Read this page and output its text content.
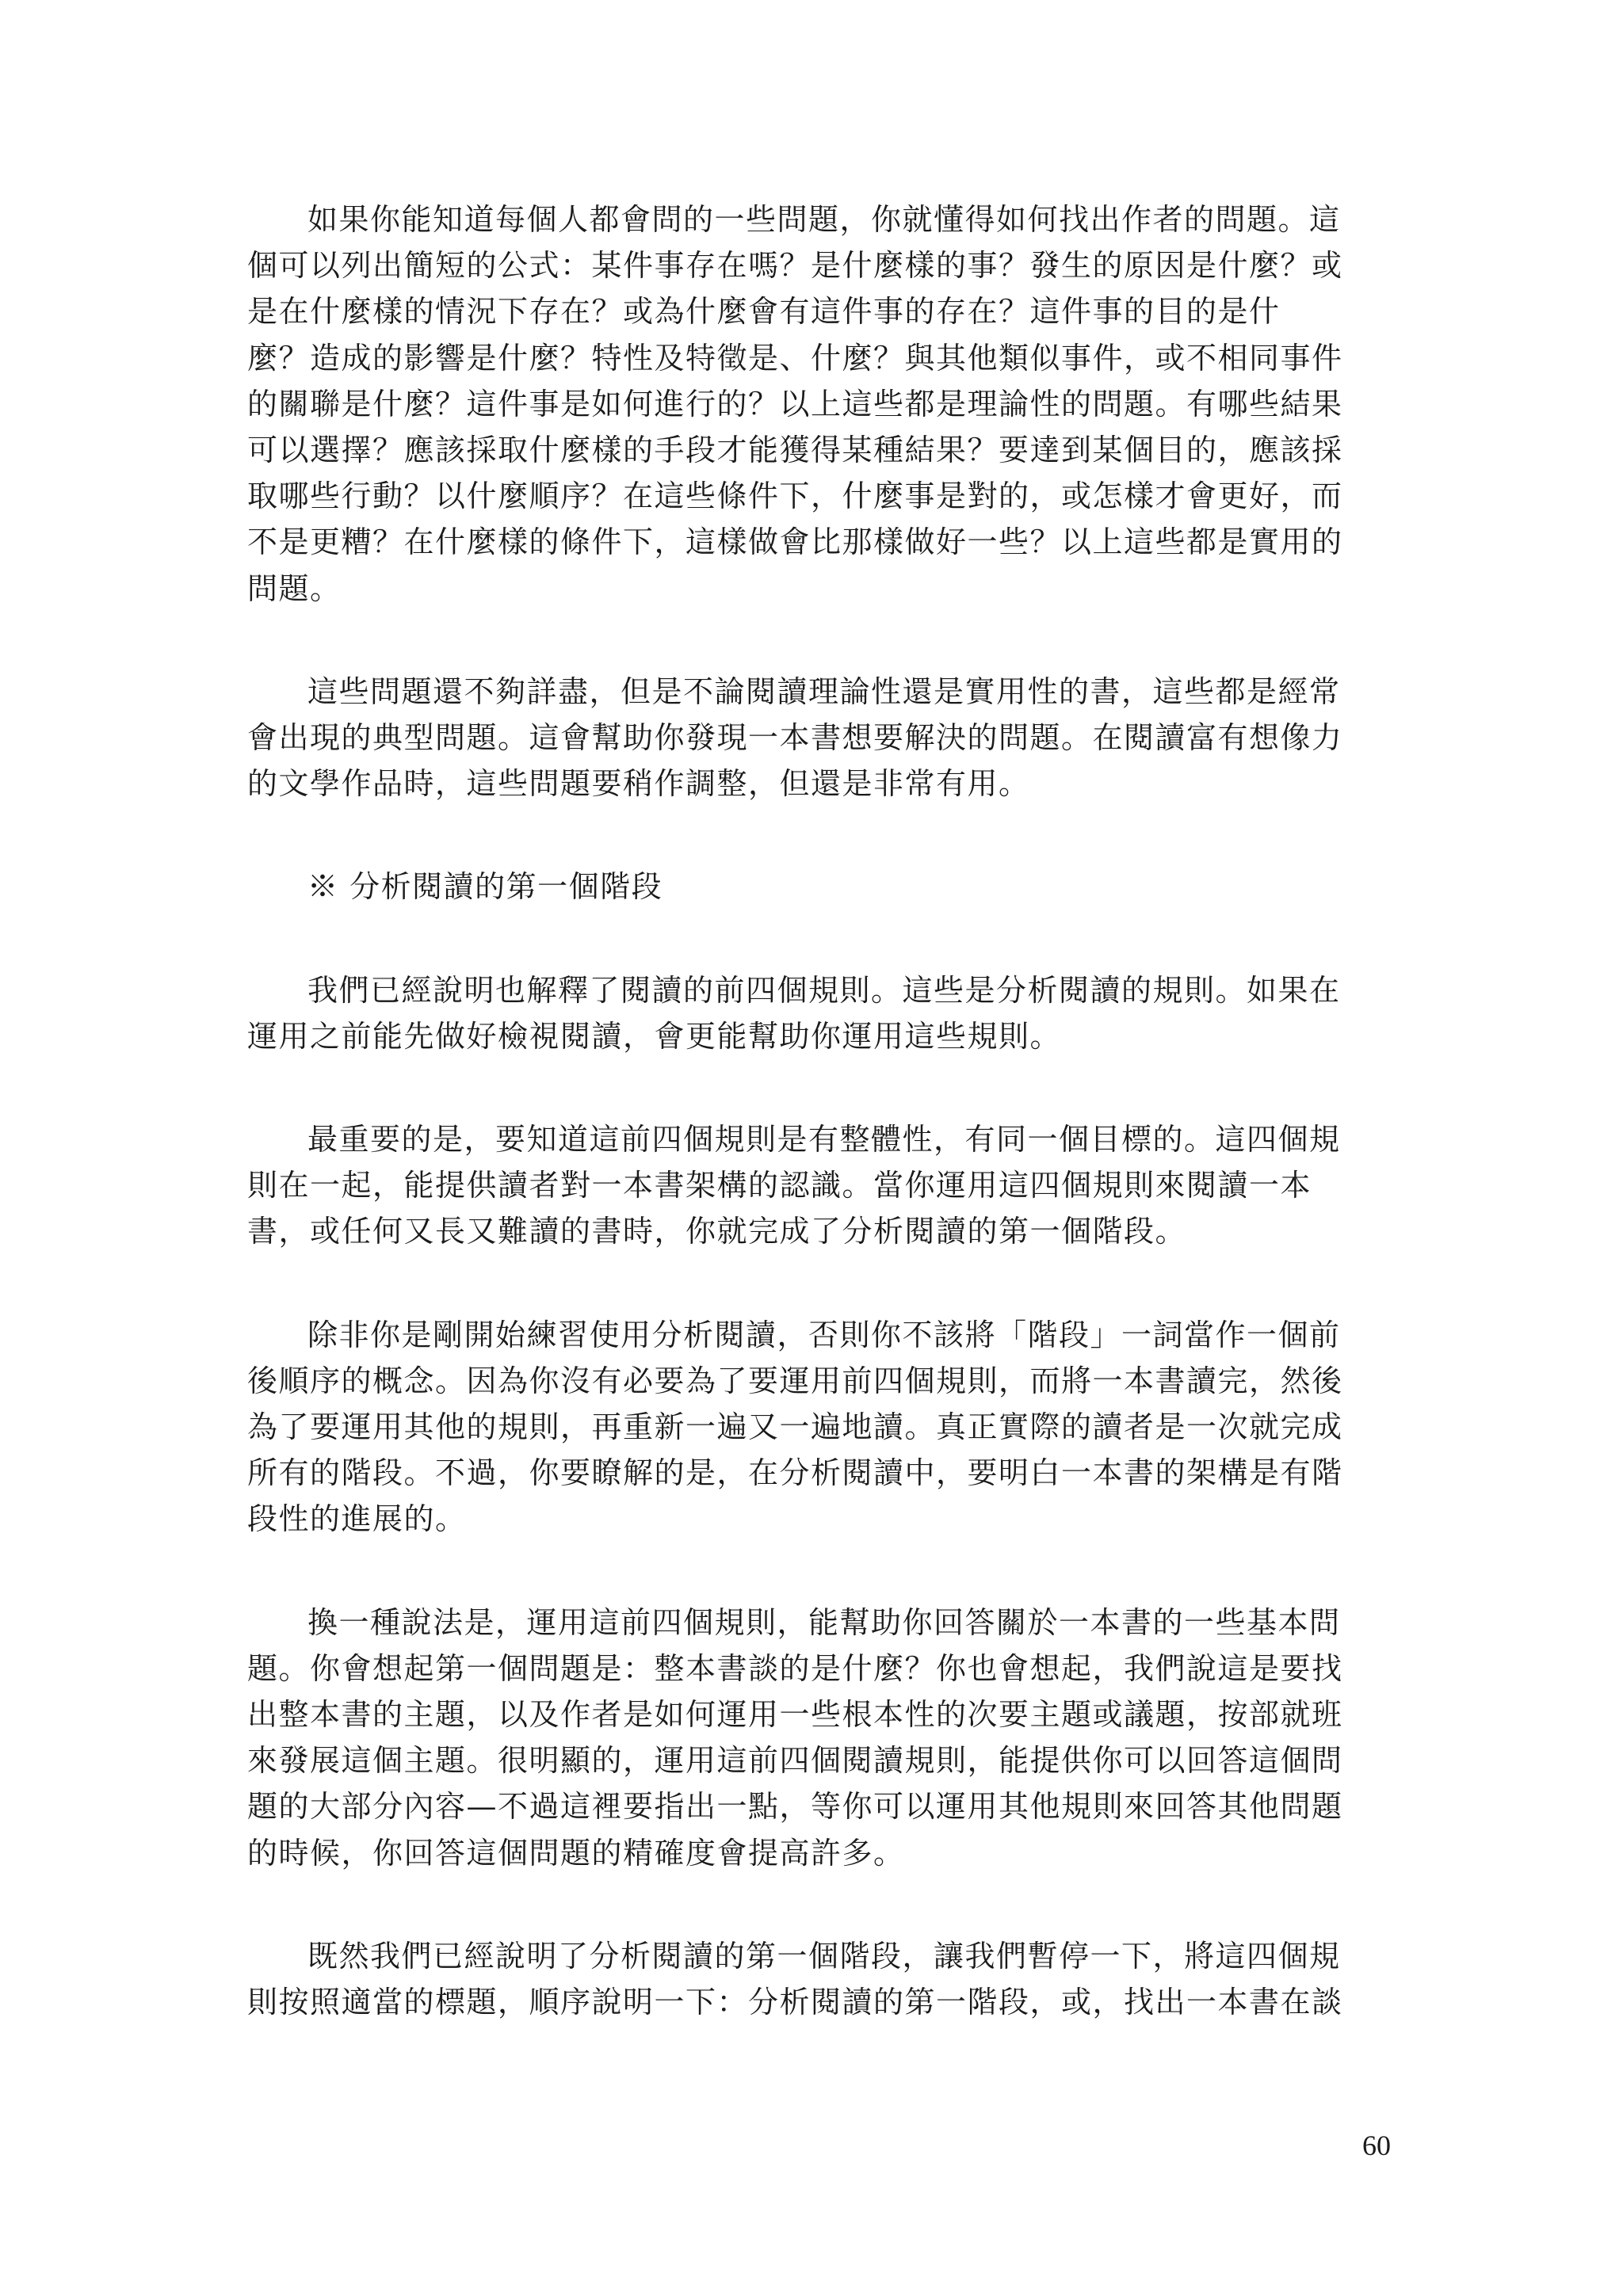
如果你能知道每個人都會問的一些問題，你就懂得如何找出作者的問題。這
個可以列出簡短的公式：某件事存在嗎？是什麼樣的事？發生的原因是什麼？或
是在什麼樣的情況下存在？或為什麼會有這件事的存在？這件事的目的是什
麼？造成的影響是什麼？特性及特徵是、什麼？與其他類似事件，或不相同事件
的關聯是什麼？這件事是如何進行的？以上這些都是理論性的問題。有哪些結果
可以選擇？應該採取什麼樣的手段才能獲得某種結果？要達到某個目的，應該採
取哪些行動？以什麼順序？在這些條件下，什麼事是對的，或怎樣才會更好，而
不是更糟？在什麼樣的條件下，這樣做會比那樣做好一些？以上這些都是實用的
問題。

這些問題還不夠詳盡，但是不論閱讀理論性還是實用性的書，這些都是經常
會出現的典型問題。這會幫助你發現一本書想要解決的問題。在閱讀富有想像力
的文學作品時，這些問題要稍作調整，但還是非常有用。

※ 分析閱讀的第一個階段

我們已經說明也解釋了閱讀的前四個規則。這些是分析閱讀的規則。如果在
運用之前能先做好檢視閱讀，會更能幫助你運用這些規則。

最重要的是，要知道這前四個規則是有整體性，有同一個目標的。這四個規
則在一起，能提供讀者對一本書架構的認識。當你運用這四個規則來閱讀一本
書，或任何又長又難讀的書時，你就完成了分析閱讀的第一個階段。

除非你是剛開始練習使用分析閱讀，否則你不該將「階段」一詞當作一個前
後順序的概念。因為你沒有必要為了要運用前四個規則，而將一本書讀完，然後
為了要運用其他的規則，再重新一遍又一遍地讀。真正實際的讀者是一次就完成
所有的階段。不過，你要瞭解的是，在分析閱讀中，要明白一本書的架構是有階
段性的進展的。

換一種說法是，運用這前四個規則，能幫助你回答關於一本書的一些基本問
題。你會想起第一個問題是：整本書談的是什麼？你也會想起，我們說這是要找
出整本書的主題，以及作者是如何運用一些根本性的次要主題或議題，按部就班
來發展這個主題。很明顯的，運用這前四個閱讀規則，能提供你可以回答這個問
題的大部分內容—不過這裡要指出一點，等你可以運用其他規則來回答其他問題
的時候，你回答這個問題的精確度會提高許多。

既然我們已經說明了分析閱讀的第一個階段，讓我們暫停一下，將這四個規
則按照適當的標題，順序說明一下：分析閱讀的第一階段，或，找出一本書在談

60
